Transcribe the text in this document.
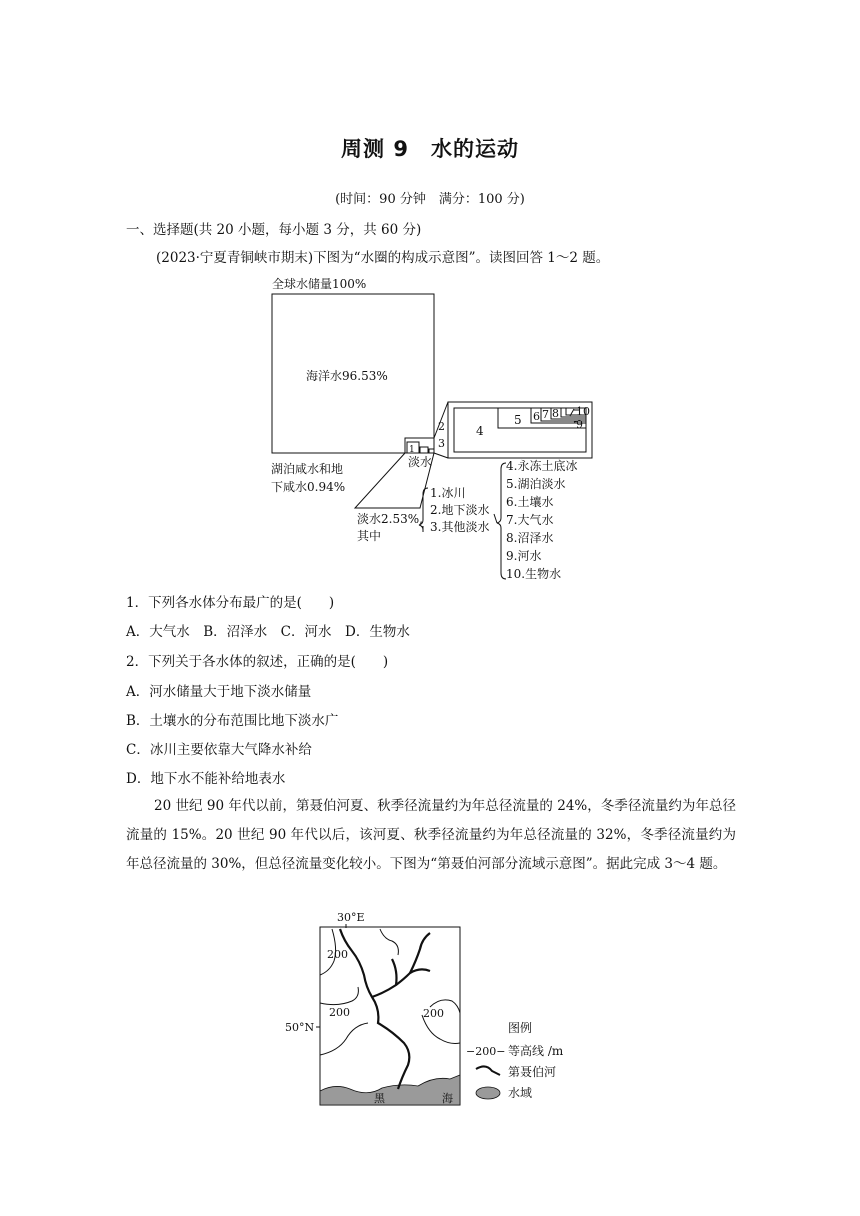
周测 9　水的运动
(时间：90 分钟　满分：100 分)
一、选择题(共 20 小题，每小题 3 分，共 60 分)
(2023·宁夏青铜峡市期末)下图为“水圈的构成示意图”。读图回答 1～2 题。
全球水储量100%
海洋水96.53%
湖泊咸水和地
下咸水0.94%
淡水
2
3
1
4
5 6 7 8 10
9
淡水2.53%,
其中
1.冰川
2.地下淡水
3.其他淡水
4.永冻土底冰
5.湖泊淡水
6.土壤水
7.大气水
8.沼泽水
9.河水
10.生物水
1．下列各水体分布最广的是(　　)
A．大气水　B．沼泽水　C．河水　D．生物水
2．下列关于各水体的叙述，正确的是(　　)
A．河水储量大于地下淡水储量
B．土壤水的分布范围比地下淡水广
C．冰川主要依靠大气降水补给
D．地下水不能补给地表水

20 世纪 90 年代以前，第聂伯河夏、秋季径流量约为年总径流量的 24%，冬季径流量约为年总径流量的 15%。20 世纪 90 年代以后，该河夏、秋季径流量约为年总径流量的 32%，冬季径流量约为年总径流量的 30%，但总径流量变化较小。下图为“第聂伯河部分流域示意图”。据此完成 3～4 题。

30°E
50°N
黑	海
200
200	200
图例
−200− 等高线 /m
第聂伯河
水域
